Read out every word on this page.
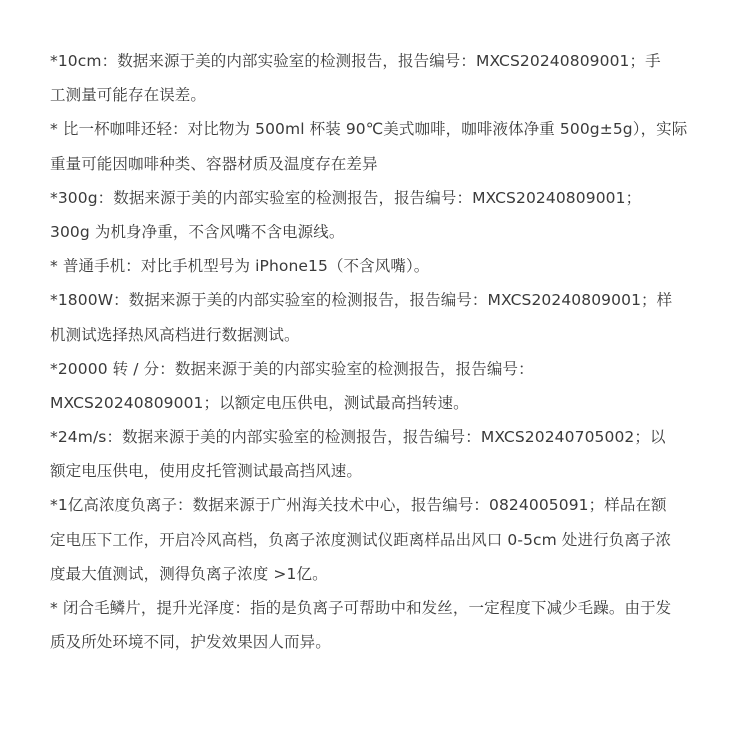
*10cm：数据来源于美的内部实验室的检测报告，报告编号：MXCS20240809001；手
工测量可能存在误差。
* 比一杯咖啡还轻：对比物为 500ml 杯装 90℃美式咖啡，咖啡液体净重 500g±5g），实际
重量可能因咖啡种类、容器材质及温度存在差异
*300g：数据来源于美的内部实验室的检测报告，报告编号：MXCS20240809001；
300g 为机身净重，不含风嘴不含电源线。
* 普通手机：对比手机型号为 iPhone15（不含风嘴）。
*1800W：数据来源于美的内部实验室的检测报告，报告编号：MXCS20240809001；样
机测试选择热风高档进行数据测试。
*20000 转 / 分：数据来源于美的内部实验室的检测报告，报告编号：
MXCS20240809001；以额定电压供电，测试最高挡转速。
*24m/s：数据来源于美的内部实验室的检测报告，报告编号：MXCS20240705002；以
额定电压供电，使用皮托管测试最高挡风速。
*1亿高浓度负离子：数据来源于广州海关技术中心，报告编号：0824005091；样品在额
定电压下工作，开启冷风高档，负离子浓度测试仪距离样品出风口 0-5cm 处进行负离子浓
度最大值测试，测得负离子浓度 >1亿。
* 闭合毛鳞片，提升光泽度：指的是负离子可帮助中和发丝，一定程度下减少毛躁。由于发
质及所处环境不同，护发效果因人而异。
